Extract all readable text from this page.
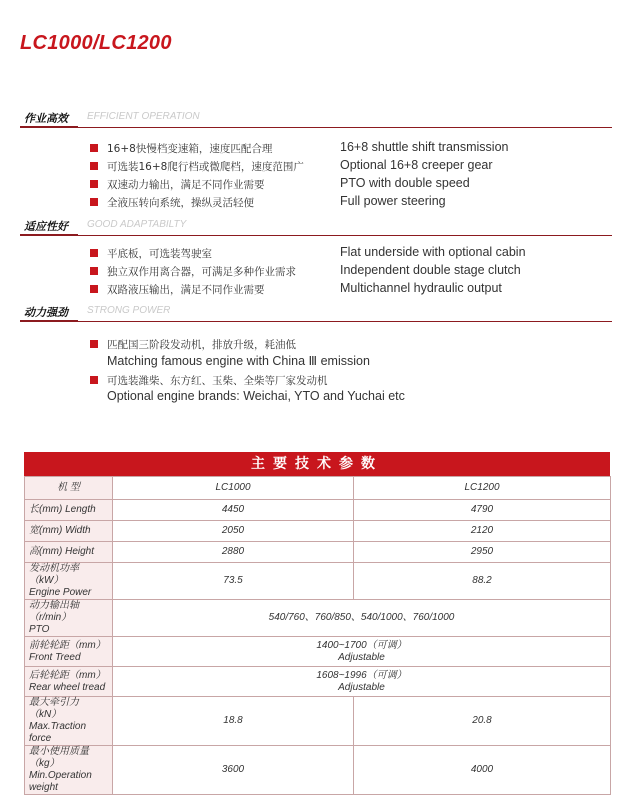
LC1000/LC1200
作业高效 EFFICIENT OPERATION
16+8快慢档变速箱，速度匹配合理	16+8 shuttle shift transmission
可选装16+8爬行档或微爬档，速度范围广	Optional 16+8 creeper gear
双速动力输出，满足不同作业需要	PTO with double speed
全液压转向系统，操纵灵活轻便	Full power steering
适应性好 GOOD ADAPTABILTY
平底板，可选装驾驶室	Flat underside with optional cabin
独立双作用离合器，可满足多种作业需求	Independent double stage clutch
双路液压输出，满足不同作业需要	Multichannel hydraulic output
动力强劲 STRONG POWER
匹配国三阶段发动机，排放升级，耗油低
Matching famous engine with China Ⅲ emission
可选装潍柴、东方红、玉柴、全柴等厂家发动机
Optional engine brands: Weichai, YTO and Yuchai etc
主要技术参数
机 型	LC1000	LC1200
长(mm) Length	4450	4790
宽(mm) Width	2050	2120
高(mm) Height	2880	2950
发动机功率（kW）
Engine Power	73.5	88.2
动力输出轴（r/min）
PTO	540/760、760/850、540/1000、760/1000	
前轮轮距（mm）
Front Treed	1400~1700（可调）
Adjustable	
后轮轮距（mm）
Rear wheel tread	1608~1996（可调）
Adjustable	
最大牵引力（kN）
Max.Traction force	18.8	20.8
最小使用质量（kg）
Min.Operation weight	3600	4000
